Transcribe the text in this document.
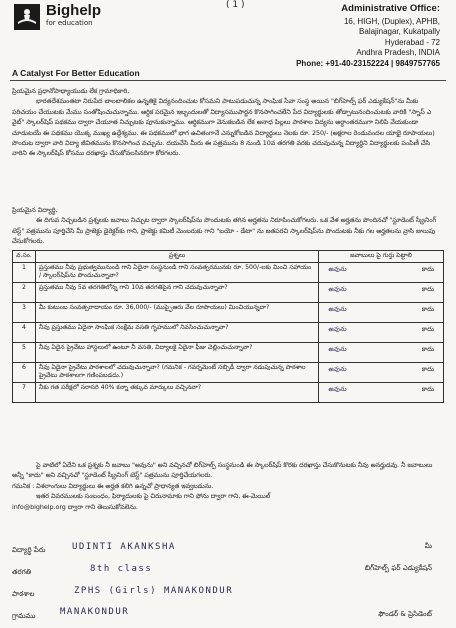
Bighelp
for education
( 1 )	Administrative Office:
16, HIGH, (Duplex), APHB,
Balajinagar, Kukatpally
Hyderabad - 72
Andhra Pradesh, INDIA
Phone: +91-40-23152224 | 9849757765
A Catalyst For Better Education

ప్రియమైన ప్రధానోపాధ్యాయుడు లేక గ్రామాధికారి,

భారతదేశమంతటా నిరుపేద బాలబాలికల ఉన్నతికై విద్యనందించుట కోసమని పాటుపడుచున్న సాంఘిక సేవా సంస్థ అయిన "బిగ్‌హెల్ప్ ఫర్ ఎడ్యుకేషన్"ను మీకు పరిచయం చేయుటకు మేము సంతోషించుచున్నాము. ఆర్థిక పరమైన ఇబ్బందులతో విద్యాసముపార్జన కొనసాగించలేని పేద విద్యార్థులకు తోడ్పాటునందించుటకు వారికి "స్నాప్ ఎ వైట్" స్కాలర్‌షిప్ పథకము ద్వారా చేయూత నిచ్చుటకు పూనుకున్నాము. ఆర్థికముగా వెనుకబడిన లేక అనాధ పిల్లలు పాఠశాల విద్యను అర్ధాంతరముగా నిలిపి వేయకుండా చూడుటయే ఈ పథకము యొక్క ముఖ్య ఉద్దేశ్యము. ఈ పథకములో భాగ ఉచితంగానే ఎన్నుకోబడిన విద్యార్థులు నెలకు రూ. 250/- (అక్షరాల రెండువందల యాభై రూపాయలు) పొందుట ద్వారా వారి విద్యా జీవితమును కొనసాగించ వచ్చును. దయచేసి మీరు ఈ పత్రమును 8 నుండి 10వ తరగతి వరకు చదువుచున్న విద్యార్థిని విద్యార్థులకు పంపిణీ చేసి వారిని ఈ స్కాలర్‌షిప్ కోసము దరఖాస్తు చేసుకోవలసినదిగా కోరగలరు.

ప్రియమైన విద్యార్థి,

ఈ దిగువ నిచ్చబడిన ప్రశ్నలకు జవాబు నిచ్చుట ద్వారా స్కాలర్‌షిప్‌ను పొందుటకు తగిన అర్హతను నిరూపించుకోగలరు. ఒక వేళ అర్హతను పొందినచో "స్టూడెంట్ స్క్రీనింగ్ టెస్ట్" పత్రమును పూర్తిచేసి మీ ప్రాజెక్టు డైరెక్టర్‌కు గాని, ప్రాజెక్టు కమిటీ మెంబరుకు గాని "బయో - డేటా" ను జతపరచి స్కాలర్‌షిప్‌ను పొందుటకు నీకు గల అర్హతలను వ్రాసి జులుపు చేసుకోగలరు.

వ.సం.	ప్రశ్నలు	జవాబులు పై గుర్తు పెట్టాలి
1	ప్రస్తుతము నీవు ప్రభుత్వమునుండి గాని ఏదైనా సంస్థనుండి గాని సంవత్సరమునకు రూ. 500/-లకు మించి సహాయం / స్కాలర్‌షిప్‌ను పొందుచున్నావా?	అవును కాదు

2	ప్రస్తుతము నీవు 5వ తరగతిలోన్న గాని 10వ తరగతిపైన గాని చదువుచున్నావా?	అవును కాదు

3	మీ కుటుంబ సంవత్సరాదాయం రూ. 36,000/- (ముప్ఫైఆరు వేల రూపాయలు) మించియున్నదా?	అవును కాదు

4	నీవు ప్రస్తుతము ఏదైనా సాంఘిక సంక్షేమ వసతి గృహములో నివసించుచున్నావా?	అవును కాదు

5	నీవు ఏదైన ప్రైవేటు హాస్టలులో ఉంటూ నీ వసతి, విద్యాలకై ఏదైనా ఫీజు చెల్లించుచున్నావా?	అవును కాదు

6	నీవు ఏదైనా ప్రైవేటు పాఠశాలలో చదువుచున్నావా? (గమనిక - గవర్నమెంట్ సబ్సిడీ ద్వారా నడుపుచున్న పాఠశాల ప్రైవేటు పాఠశాలగా గణింపబడదు.)	అవును కాదు

7	నీకు గత పరీక్షలో సరాసరి 40% కన్నా తక్కువ మార్కులు వచ్చినవా?	అవును కాదు

పై వాటిలో ఏదేని ఒక ప్రశ్నకు నీ జవాబు "అవును" అని వచ్చినచో బిగ్‌హెల్ప్ సంస్థనుండి ఈ స్కాలర్‌షిప్ కొరకు దరఖాస్తు చేసుకొనుటకు నీవు అనర్హుడవు. నీ జవాబులు అన్నీ "కాదు" అని వచ్చినచో "స్టూడెంట్ స్క్రీనింగ్ టెస్ట్" పత్రమును పూర్తిచేయగలరు.

గమనిక : విశలాంగులు విద్యార్థులు ఈ అర్హత కలిగి ఉన్నచో ప్రాధాన్యత ఇవ్వబడును.

ఇతర వివరములకు సంబంధం, ఫిర్యాదులకు పై చిరునామాకు గాని ఫోను ద్వారా గాని, ఈ-మెయిల్

info@bighelp.org ద్వారా గాని తెలుసుకోవలెను.

విద్యార్థి పేరు	UDINTI AKANKSHA
తరగతి	8th class
పాఠశాల	ZPHS (Girls) MANAKONDUR
గ్రామము	MANAKONDUR
మీ
బిగ్‌హెల్ప్ ఫర్ ఎడ్యుకేషన్
ఫౌండర్ & ప్రెసిడెంట్
